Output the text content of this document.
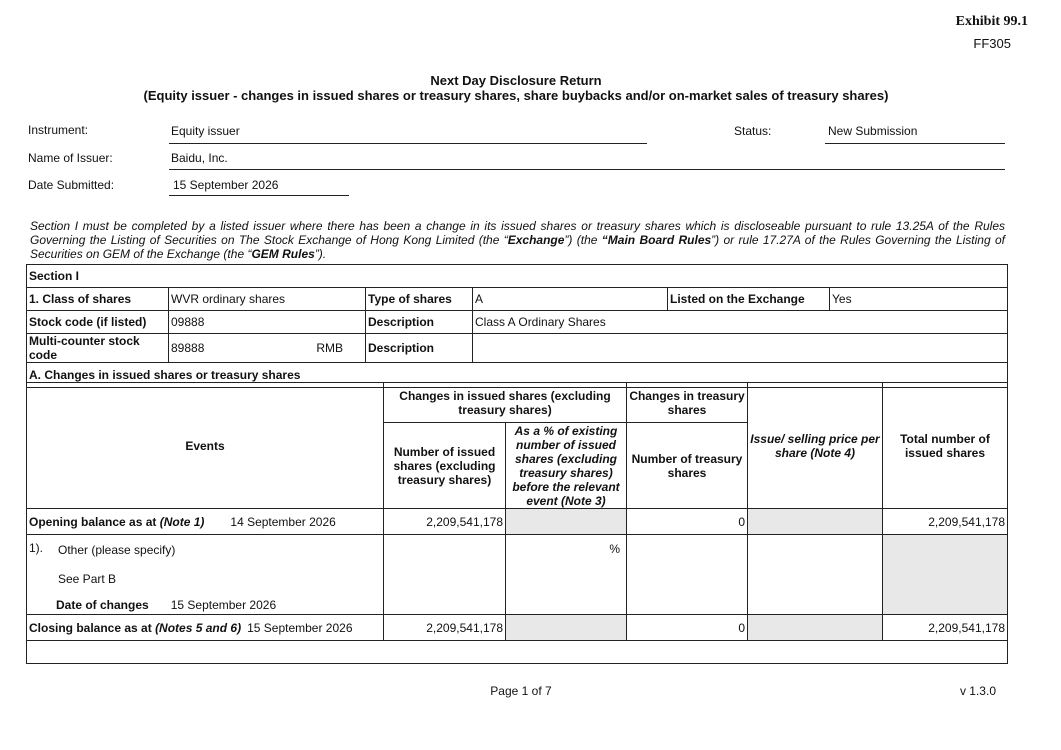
Exhibit 99.1
FF305
Next Day Disclosure Return
(Equity issuer - changes in issued shares or treasury shares, share buybacks and/or on-market sales of treasury shares)
Instrument:	Equity issuer	Status:	New Submission
Name of Issuer:	Baidu, Inc.
Date Submitted:	15 September 2026
Section I must be completed by a listed issuer where there has been a change in its issued shares or treasury shares which is discloseable pursuant to rule 13.25A of the Rules Governing the Listing of Securities on The Stock Exchange of Hong Kong Limited (the “Exchange”) (the “Main Board Rules”) or rule 17.27A of the Rules Governing the Listing of Securities on GEM of the Exchange (the “GEM Rules”).
Section I					
1. Class of shares	WVR ordinary shares	Type of shares	A	Listed on the Exchange	Yes
Stock code (if listed)	09888	Description	Class A Ordinary Shares		
Multi-counter stock code	89888 RMB	Description			
A. Changes in issued shares or treasury shares					
Events	Changes in issued shares (excluding treasury shares)		Changes in treasury shares	Issue/ selling price per share (Note 4)	Total number of issued shares
	Number of issued shares (excluding treasury shares)	As a % of existing number of issued shares (excluding treasury shares) before the relevant event (Note 3)	Number of treasury shares		
Opening balance as at (Note 1) 14 September 2026	2,209,541,178		0		2,209,541,178

1). Other (please specify)
See Part B
Date of changes 15 September 2026		%			
Closing balance as at (Notes 5 and 6) 15 September 2026	2,209,541,178		0		2,209,541,178

Page 1 of 7	v 1.3.0
